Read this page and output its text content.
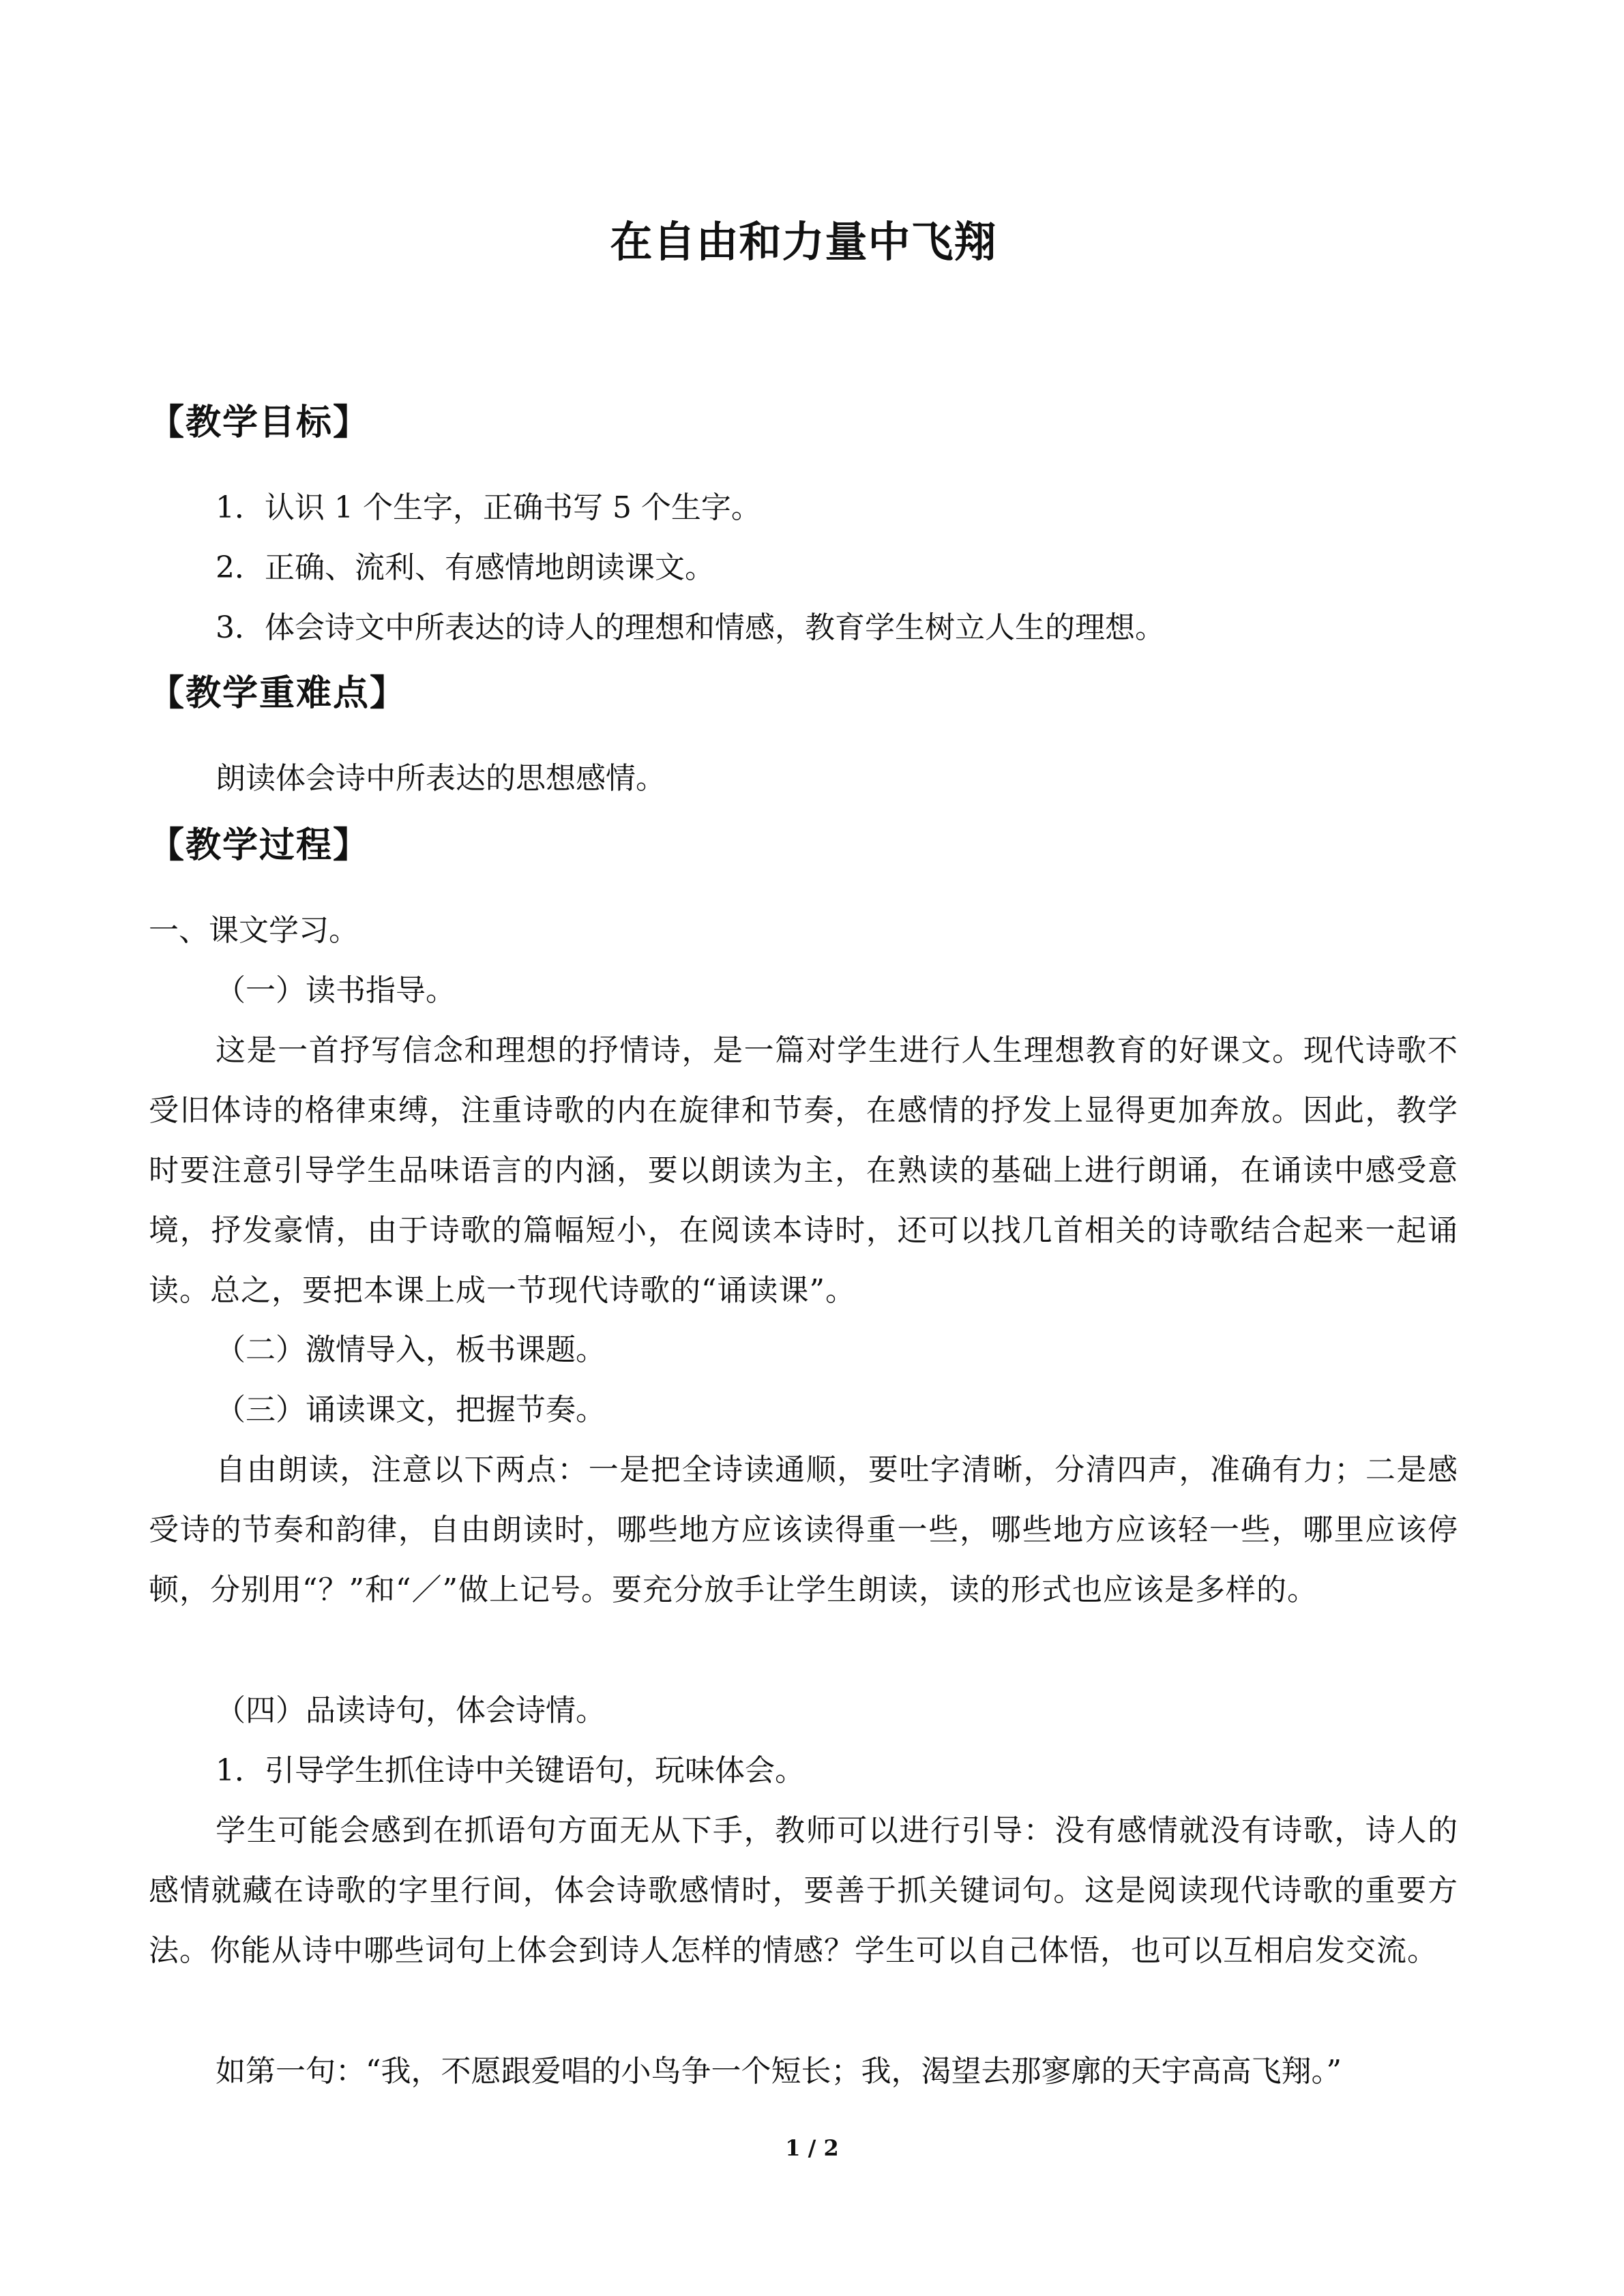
在自由和力量中飞翔
【教学目标】
1．认识 1 个生字，正确书写 5 个生字。
2．正确、流利、有感情地朗读课文。
3．体会诗文中所表达的诗人的理想和情感，教育学生树立人生的理想。
【教学重难点】
朗读体会诗中所表达的思想感情。
【教学过程】
一、课文学习。
（一）读书指导。
这是一首抒写信念和理想的抒情诗，是一篇对学生进行人生理想教育的好课文。现代诗歌不受旧体诗的格律束缚，注重诗歌的内在旋律和节奏，在感情的抒发上显得更加奔放。因此，教学时要注意引导学生品味语言的内涵，要以朗读为主，在熟读的基础上进行朗诵，在诵读中感受意境，抒发豪情，由于诗歌的篇幅短小，在阅读本诗时，还可以找几首相关的诗歌结合起来一起诵读。总之，要把本课上成一节现代诗歌的“诵读课”。
（二）激情导入，板书课题。
（三）诵读课文，把握节奏。
自由朗读，注意以下两点：一是把全诗读通顺，要吐字清晰，分清四声，准确有力；二是感受诗的节奏和韵律，自由朗读时，哪些地方应该读得重一些，哪些地方应该轻一些，哪里应该停顿，分别用“？”和“／”做上记号。要充分放手让学生朗读，读的形式也应该是多样的。
（四）品读诗句，体会诗情。
1．引导学生抓住诗中关键语句，玩味体会。
学生可能会感到在抓语句方面无从下手，教师可以进行引导：没有感情就没有诗歌，诗人的感情就藏在诗歌的字里行间，体会诗歌感情时，要善于抓关键词句。这是阅读现代诗歌的重要方法。你能从诗中哪些词句上体会到诗人怎样的情感？学生可以自己体悟，也可以互相启发交流。
如第一句：“我，不愿跟爱唱的小鸟争一个短长；我，渴望去那寥廓的天宇高高飞翔。”
1 / 2
